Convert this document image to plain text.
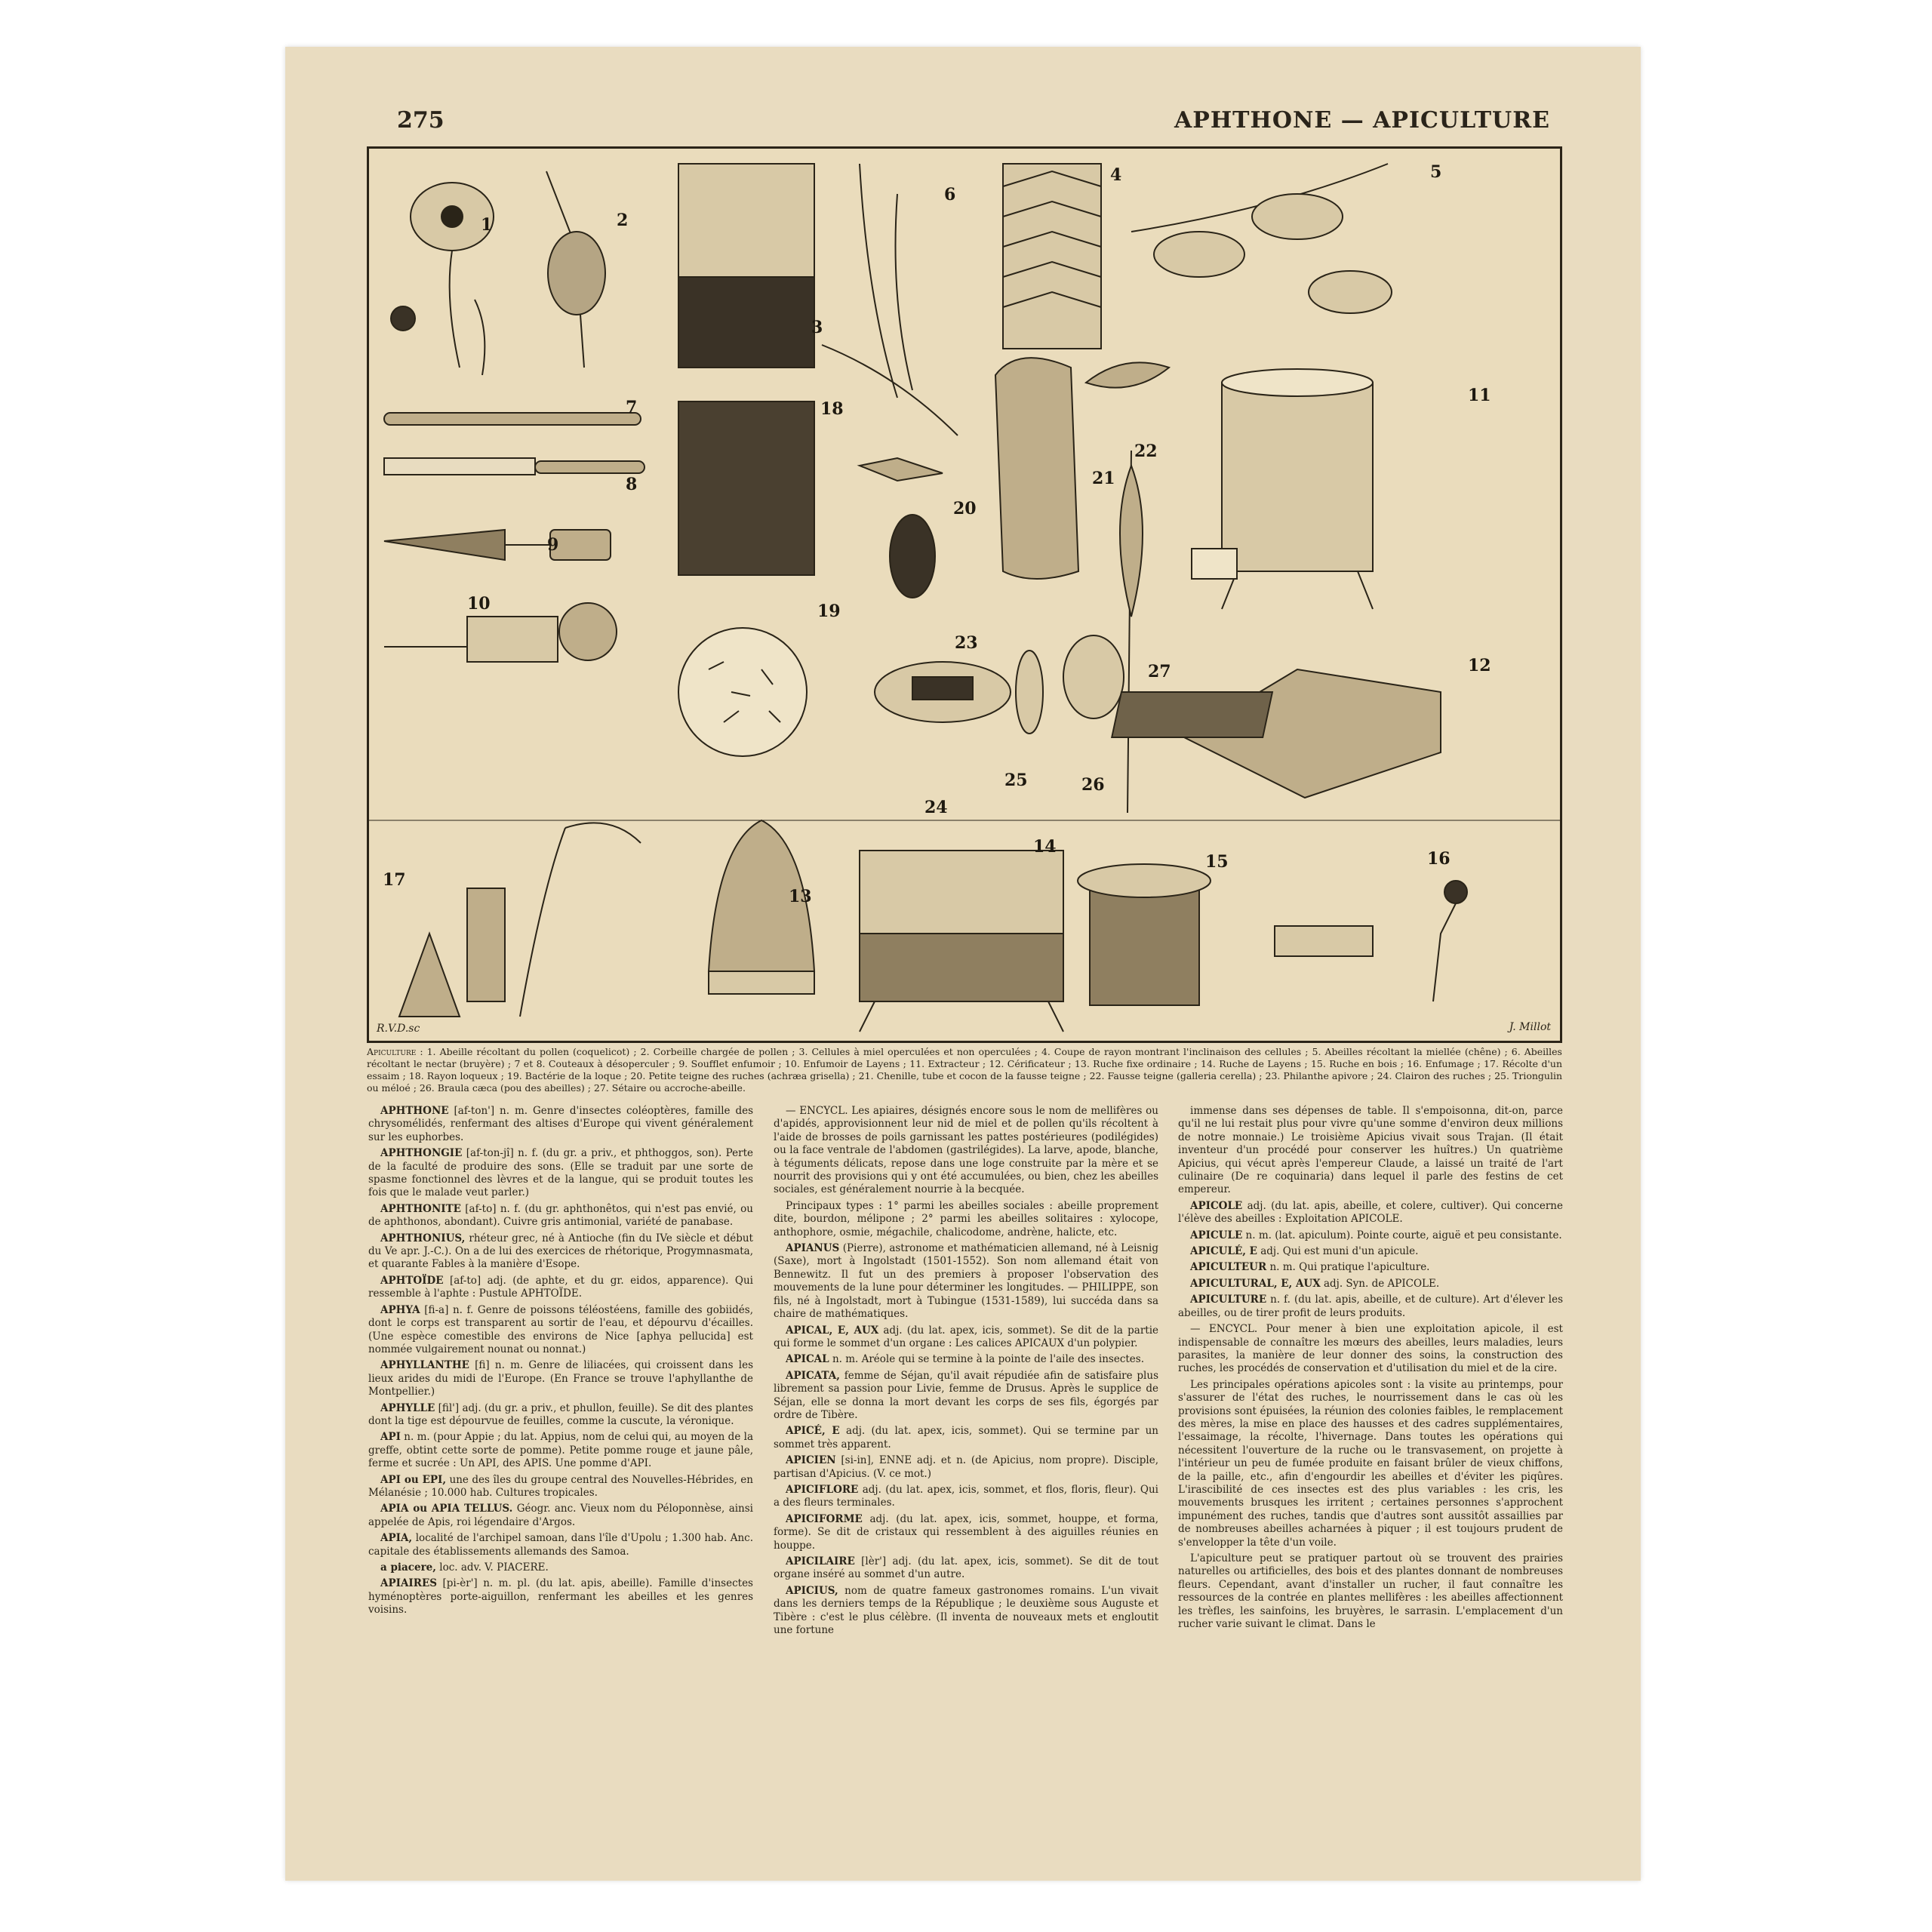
275	APHTHONE — APICULTURE
1	2
3
4	5
6
7
8
9
10
11
12
13
14
15	16
17
18
19
20
21
22
23
24
25	26
27
R.V.D.sc	J. Millot
Apiculture : 1. Abeille récoltant du pollen (coquelicot) ; 2. Corbeille chargée de pollen ; 3. Cellules à miel operculées et non operculées ; 4. Coupe de rayon montrant l'inclinaison des cellules ; 5. Abeilles récoltant la miellée (chêne) ; 6. Abeilles récoltant le nectar (bruyère) ; 7 et 8. Couteaux à désoperculer ; 9. Soufflet enfumoir ; 10. Enfumoir de Layens ; 11. Extracteur ; 12. Cérificateur ; 13. Ruche fixe ordinaire ; 14. Ruche de Layens ; 15. Ruche en bois ; 16. Enfumage ; 17. Récolte d'un essaim ; 18. Rayon loqueux ; 19. Bactérie de la loque ; 20. Petite teigne des ruches (achræa grisella) ; 21. Chenille, tube et cocon de la fausse teigne ; 22. Fausse teigne (galleria cerella) ; 23. Philanthe apivore ; 24. Clairon des ruches ; 25. Triongulin ou méloé ; 26. Braula cæca (pou des abeilles) ; 27. Sétaire ou accroche-abeille.

APHTHONE [af-ton'] n. m. Genre d'insectes coléoptères, famille des chrysomélidés, renfermant des altises d'Europe qui vivent généralement sur les euphorbes.

APHTHONGIE [af-ton-jî] n. f. (du gr. a priv., et phthoggos, son). Perte de la faculté de produire des sons. (Elle se traduit par une sorte de spasme fonctionnel des lèvres et de la langue, qui se produit toutes les fois que le malade veut parler.)

APHTHONITE [af-to] n. f. (du gr. aphthonêtos, qui n'est pas envié, ou de aphthonos, abondant). Cuivre gris antimonial, variété de panabase.

APHTHONIUS, rhéteur grec, né à Antioche (fin du IVe siècle et début du Ve apr. J.-C.). On a de lui des exercices de rhétorique, Progymnasmata, et quarante Fables à la manière d'Esope.

APHTOÏDE [af-to] adj. (de aphte, et du gr. eidos, apparence). Qui ressemble à l'aphte : Pustule APHTOÏDE.

APHYA [fi-a] n. f. Genre de poissons téléostéens, famille des gobiidés, dont le corps est transparent au sortir de l'eau, et dépourvu d'écailles. (Une espèce comestible des environs de Nice [aphya pellucida] est nommée vulgairement nounat ou nonnat.)

APHYLLANTHE [fi] n. m. Genre de liliacées, qui croissent dans les lieux arides du midi de l'Europe. (En France se trouve l'aphyllanthe de Montpellier.)

APHYLLE [fil'] adj. (du gr. a priv., et phullon, feuille). Se dit des plantes dont la tige est dépourvue de feuilles, comme la cuscute, la véronique.

API n. m. (pour Appie ; du lat. Appius, nom de celui qui, au moyen de la greffe, obtint cette sorte de pomme). Petite pomme rouge et jaune pâle, ferme et sucrée : Un API, des APIS. Une pomme d'API.

API ou EPI, une des îles du groupe central des Nouvelles-Hébrides, en Mélanésie ; 10.000 hab. Cultures tropicales.

APIA ou APIA TELLUS. Géogr. anc. Vieux nom du Péloponnèse, ainsi appelée de Apis, roi légendaire d'Argos.

APIA, localité de l'archipel samoan, dans l'île d'Upolu ; 1.300 hab. Anc. capitale des établissements allemands des Samoa.

a piacere, loc. adv. V. PIACERE.

APIAIRES [pi-èr'] n. m. pl. (du lat. apis, abeille). Famille d'insectes hyménoptères porte-aiguillon, renfermant les abeilles et les genres voisins.

— ENCYCL. Les apiaires, désignés encore sous le nom de mellifères ou d'apidés, approvisionnent leur nid de miel et de pollen qu'ils récoltent à l'aide de brosses de poils garnissant les pattes postérieures (podilégides) ou la face ventrale de l'abdomen (gastrilégides). La larve, apode, blanche, à téguments délicats, repose dans une loge construite par la mère et se nourrit des provisions qui y ont été accumulées, ou bien, chez les abeilles sociales, est généralement nourrie à la becquée.

Principaux types : 1° parmi les abeilles sociales : abeille proprement dite, bourdon, mélipone ; 2° parmi les abeilles solitaires : xylocope, anthophore, osmie, mégachile, chalicodome, andrène, halicte, etc.

APIANUS (Pierre), astronome et mathématicien allemand, né à Leisnig (Saxe), mort à Ingolstadt (1501-1552). Son nom allemand était von Bennewitz. Il fut un des premiers à proposer l'observation des mouvements de la lune pour déterminer les longitudes. — PHILIPPE, son fils, né à Ingolstadt, mort à Tubingue (1531-1589), lui succéda dans sa chaire de mathématiques.

APICAL, E, AUX adj. (du lat. apex, icis, sommet). Se dit de la partie qui forme le sommet d'un organe : Les calices APICAUX d'un polypier.

APICAL n. m. Aréole qui se termine à la pointe de l'aile des insectes.

APICATA, femme de Séjan, qu'il avait répudiée afin de satisfaire plus librement sa passion pour Livie, femme de Drusus. Après le supplice de Séjan, elle se donna la mort devant les corps de ses fils, égorgés par ordre de Tibère.

APICÉ, E adj. (du lat. apex, icis, sommet). Qui se termine par un sommet très apparent.

APICIEN [si-in], ENNE adj. et n. (de Apicius, nom propre). Disciple, partisan d'Apicius. (V. ce mot.)

APICIFLORE adj. (du lat. apex, icis, sommet, et flos, floris, fleur). Qui a des fleurs terminales.

APICIFORME adj. (du lat. apex, icis, sommet, houppe, et forma, forme). Se dit de cristaux qui ressemblent à des aiguilles réunies en houppe.

APICILAIRE [lèr'] adj. (du lat. apex, icis, sommet). Se dit de tout organe inséré au sommet d'un autre.

APICIUS, nom de quatre fameux gastronomes romains. L'un vivait dans les derniers temps de la République ; le deuxième sous Auguste et Tibère : c'est le plus célèbre. (Il inventa de nouveaux mets et engloutit une fortune

immense dans ses dépenses de table. Il s'empoisonna, dit-on, parce qu'il ne lui restait plus pour vivre qu'une somme d'environ deux millions de notre monnaie.) Le troisième Apicius vivait sous Trajan. (Il était inventeur d'un procédé pour conserver les huîtres.) Un quatrième Apicius, qui vécut après l'empereur Claude, a laissé un traité de l'art culinaire (De re coquinaria) dans lequel il parle des festins de cet empereur.

APICOLE adj. (du lat. apis, abeille, et colere, cultiver). Qui concerne l'élève des abeilles : Exploitation APICOLE.

APICULE n. m. (lat. apiculum). Pointe courte, aiguë et peu consistante.

APICULÉ, E adj. Qui est muni d'un apicule.

APICULTEUR n. m. Qui pratique l'apiculture.

APICULTURAL, E, AUX adj. Syn. de APICOLE.

APICULTURE n. f. (du lat. apis, abeille, et de culture). Art d'élever les abeilles, ou de tirer profit de leurs produits.

— ENCYCL. Pour mener à bien une exploitation apicole, il est indispensable de connaître les mœurs des abeilles, leurs maladies, leurs parasites, la manière de leur donner des soins, la construction des ruches, les procédés de conservation et d'utilisation du miel et de la cire.

Les principales opérations apicoles sont : la visite au printemps, pour s'assurer de l'état des ruches, le nourrissement dans le cas où les provisions sont épuisées, la réunion des colonies faibles, le remplacement des mères, la mise en place des hausses et des cadres supplémentaires, l'essaimage, la récolte, l'hivernage. Dans toutes les opérations qui nécessitent l'ouverture de la ruche ou le transvasement, on projette à l'intérieur un peu de fumée produite en faisant brûler de vieux chiffons, de la paille, etc., afin d'engourdir les abeilles et d'éviter les piqûres. L'irascibilité de ces insectes est des plus variables : les cris, les mouvements brusques les irritent ; certaines personnes s'approchent impunément des ruches, tandis que d'autres sont aussitôt assaillies par de nombreuses abeilles acharnées à piquer ; il est toujours prudent de s'envelopper la tête d'un voile.

L'apiculture peut se pratiquer partout où se trouvent des prairies naturelles ou artificielles, des bois et des plantes donnant de nombreuses fleurs. Cependant, avant d'installer un rucher, il faut connaître les ressources de la contrée en plantes mellifères : les abeilles affectionnent les trèfles, les sainfoins, les bruyères, le sarrasin. L'emplacement d'un rucher varie suivant le climat. Dans le
